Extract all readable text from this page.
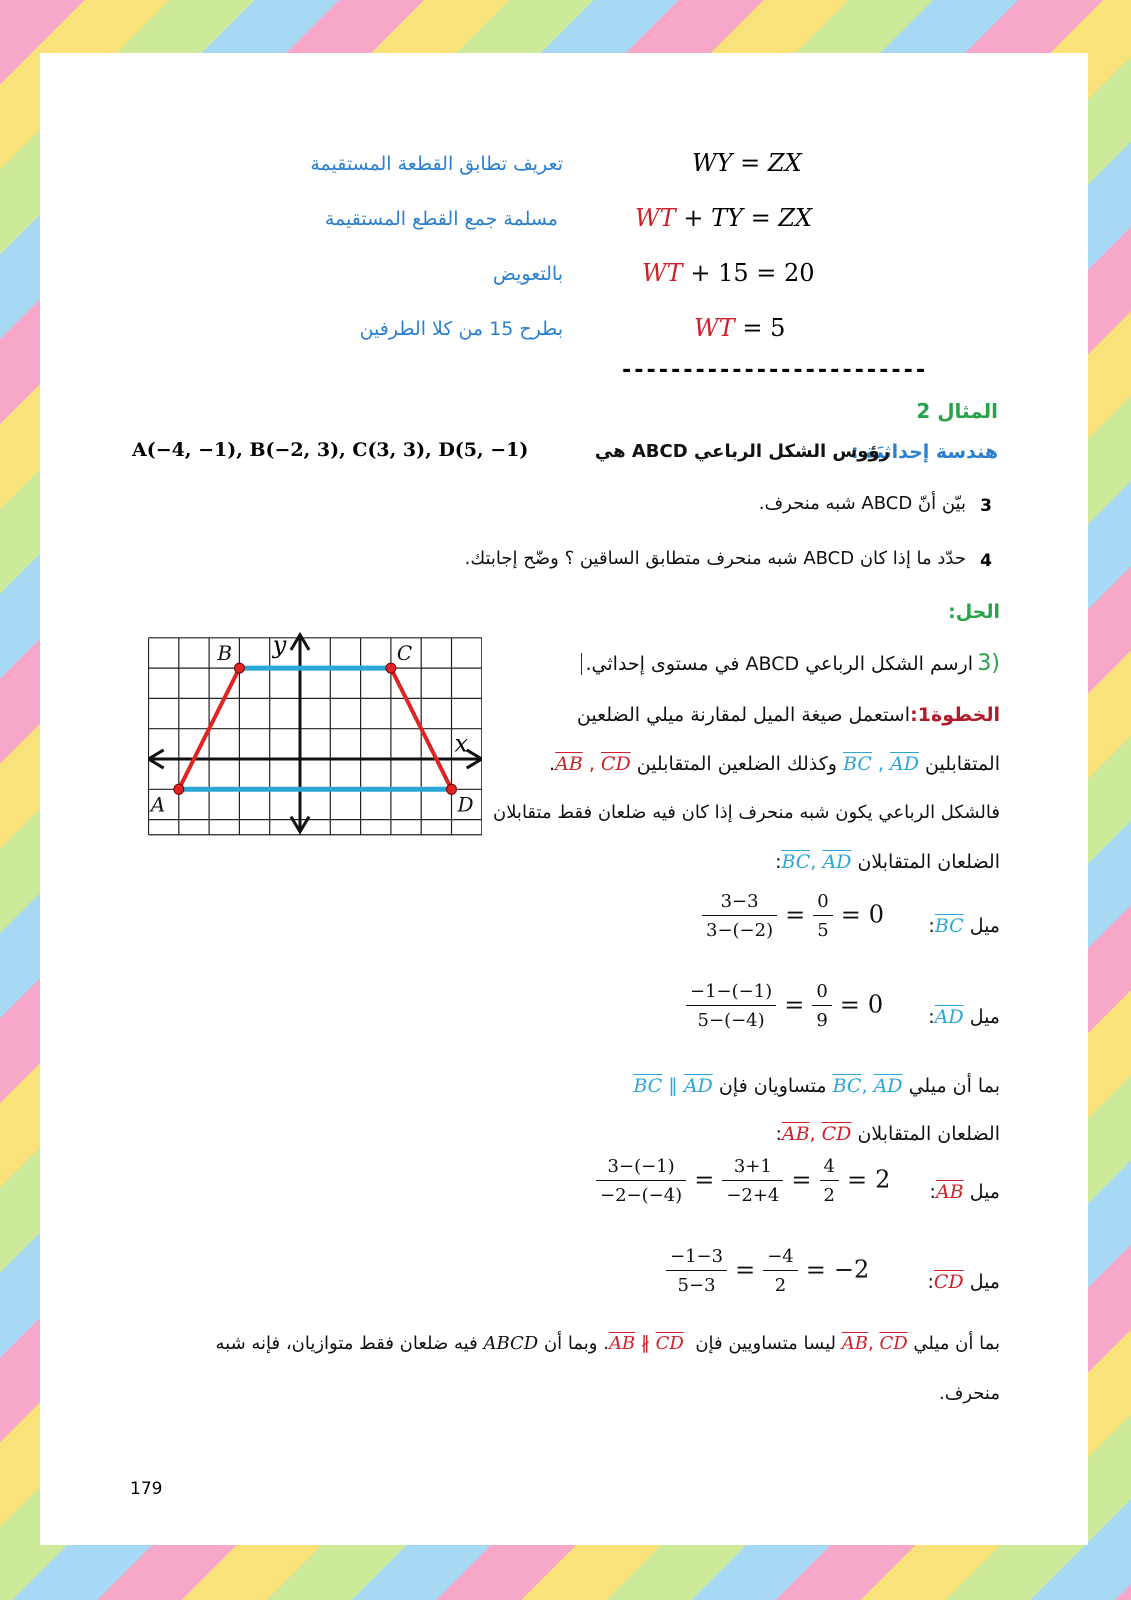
تعريف تطابق القطعة المستقيمة	WY = ZX
مسلمة جمع القطع المستقيمة	WT + TY = ZX
بالتعويض	WT + 15 = 20
بطرح 15 من كلا الطرفين	WT = 5
-------------------------
المثال 2
هندسة إحداثيَة :
رؤوس الشكل الرباعي ABCD هي
A(−4, −1), B(−2, 3), C(3, 3), D(5, −1)
3
بيّن أنّ ABCD شبه منحرف.
4
حدّد ما إذا كان ABCD شبه منحرف متطابق الساقين ؟ وضّح إجابتك.
الحل:
x
y
A
B	C
D
3)
ارسم الشكل الرباعي ABCD في مستوى إحداثي.
الخطوة1:
استعمل صيغة الميل لمقارنة ميلي الضلعين
المتقابلين $\overline{BC}$ , $\overline{AD}$ وكذلك الضلعين المتقابلين $\overline{AB}$ , $\overline{CD}$.
فالشكل الرباعي يكون شبه منحرف إذا كان فيه ضلعان فقط متقابلان
الضلعان المتقابلان BC, AD:
ميل BC:
$\frac{3-3}{3-(-2)} = \frac{0}{5} = 0$
ميل AD:
$\frac{-1-(-1)}{5-(-4)} = \frac{0}{9} = 0$
بما أن ميلي BC, AD متساويان فإن $\overline{BC}$ ∥ $\overline{AD}$
الضلعان المتقابلان AB, CD:
ميل AB:
$\frac{3-(-1)}{-2-(-4)} = \frac{3+1}{-2+4} = \frac{4}{2} = 2$
ميل CD:
$\frac{-1-3}{5-3} = \frac{-4}{2} = -2$
بما أن ميلي AB, CD ليسا متساويين فإن $\overline{AB}$ ∦ $\overline{CD}$ . وبما أن ABCD فيه ضلعان فقط متوازيان، فإنه شبه
منحرف.
179
